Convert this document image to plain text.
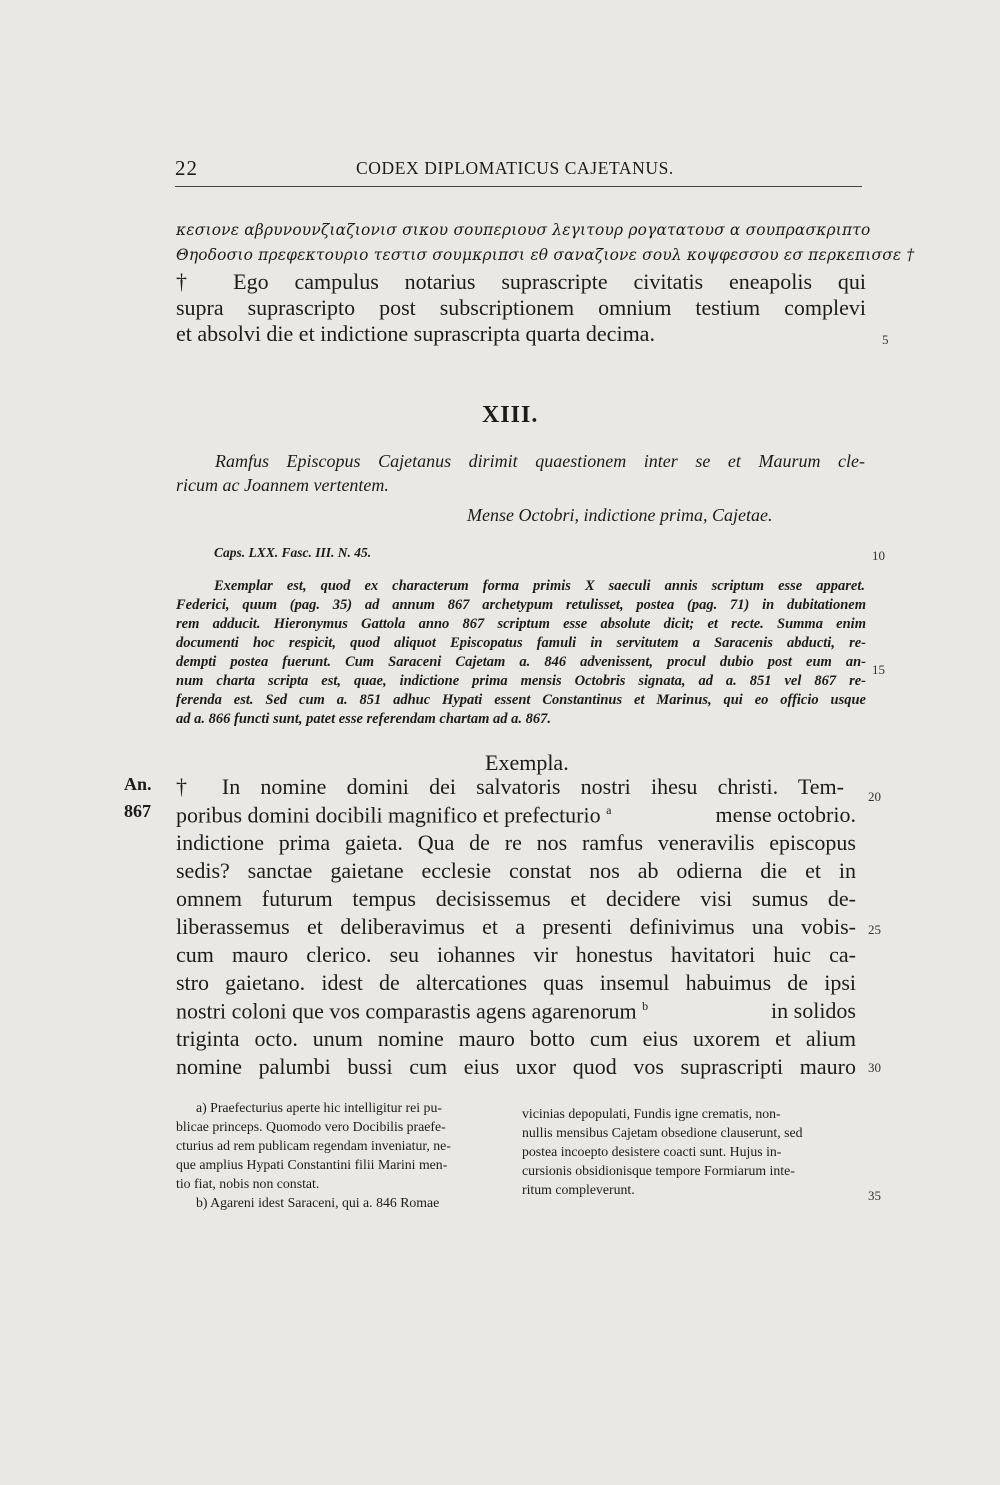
22	CODEX DIPLOMATICUS CAJETANUS.
κεσιονε αβρυνουνζιαζιονισ σικου σουπεριουσ λεγιτουρ ρογατατουσ α σουπρασκριπτο
Θηοδοσιο πρεφεκτουριο τεστισ σουμκριπσι εθ σαναζιονε σουλ κοψφεσσου εσ περκεπισσε †
† Ego campulus notarius suprascripte civitatis eneapolis qui
supra suprascripto post subscriptionem omnium testium complevi
et absolvi die et indictione suprascripta quarta decima.
XIII.
Ramfus Episcopus Cajetanus dirimit quaestionem inter se et Maurum cle-
ricum ac Joannem vertentem.
Mense Octobri, indictione prima, Cajetae.
Caps. LXX. Fasc. III. N. 45.
Exemplar est, quod ex characterum forma primis X saeculi annis scriptum esse apparet.
Federici, quum (pag. 35) ad annum 867 archetypum retulisset, postea (pag. 71) in dubitationem
rem adducit. Hieronymus Gattola anno 867 scriptum esse absolute dicit; et recte. Summa enim
documenti hoc respicit, quod aliquot Episcopatus famuli in servitutem a Saracenis abducti, re-
dempti postea fuerunt. Cum Saraceni Cajetam a. 846 advenissent, procul dubio post eum an-
num charta scripta est, quae, indictione prima mensis Octobris signata, ad a. 851 vel 867 re-
ferenda est. Sed cum a. 851 adhuc Hypati essent Constantinus et Marinus, qui eo officio usque
ad a. 866 functi sunt, patet esse referendam chartam ad a. 867.
Exempla.
An.
867
† In nomine domini dei salvatoris nostri ihesu christi. Tem-
poribus domini docibili magnifico et prefecturio $^a$	mense octobrio.
indictione prima gaieta. Qua de re nos ramfus veneravilis episcopus
sedis? sanctae gaietane ecclesie constat nos ab odierna die et in
omnem futurum tempus decisissemus et decidere visi sumus de-
liberassemus et deliberavimus et a presenti definivimus una vobis-
cum mauro clerico. seu iohannes vir honestus havitatori huic ca-
stro gaietano. idest de altercationes quas insemul habuimus de ipsi
nostri coloni que vos comparastis agens agarenorum $^b$	in solidos
triginta octo. unum nomine mauro botto cum eius uxorem et alium
nomine palumbi bussi cum eius uxor quod vos suprascripti mauro
5
10
15
20
25
30
35
a) Praefecturius aperte hic intelligitur rei pu-
blicae princeps. Quomodo vero Docibilis praefe-
cturius ad rem publicam regendam inveniatur, ne-
que amplius Hypati Constantini filii Marini men-
tio fiat, nobis non constat.
b) Agareni idest Saraceni, qui a. 846 Romae
vicinias depopulati, Fundis igne crematis, non-
nullis mensibus Cajetam obsedione clauserunt, sed
postea incoepto desistere coacti sunt. Hujus in-
cursionis obsidionisque tempore Formiarum inte-
ritum compleverunt.
